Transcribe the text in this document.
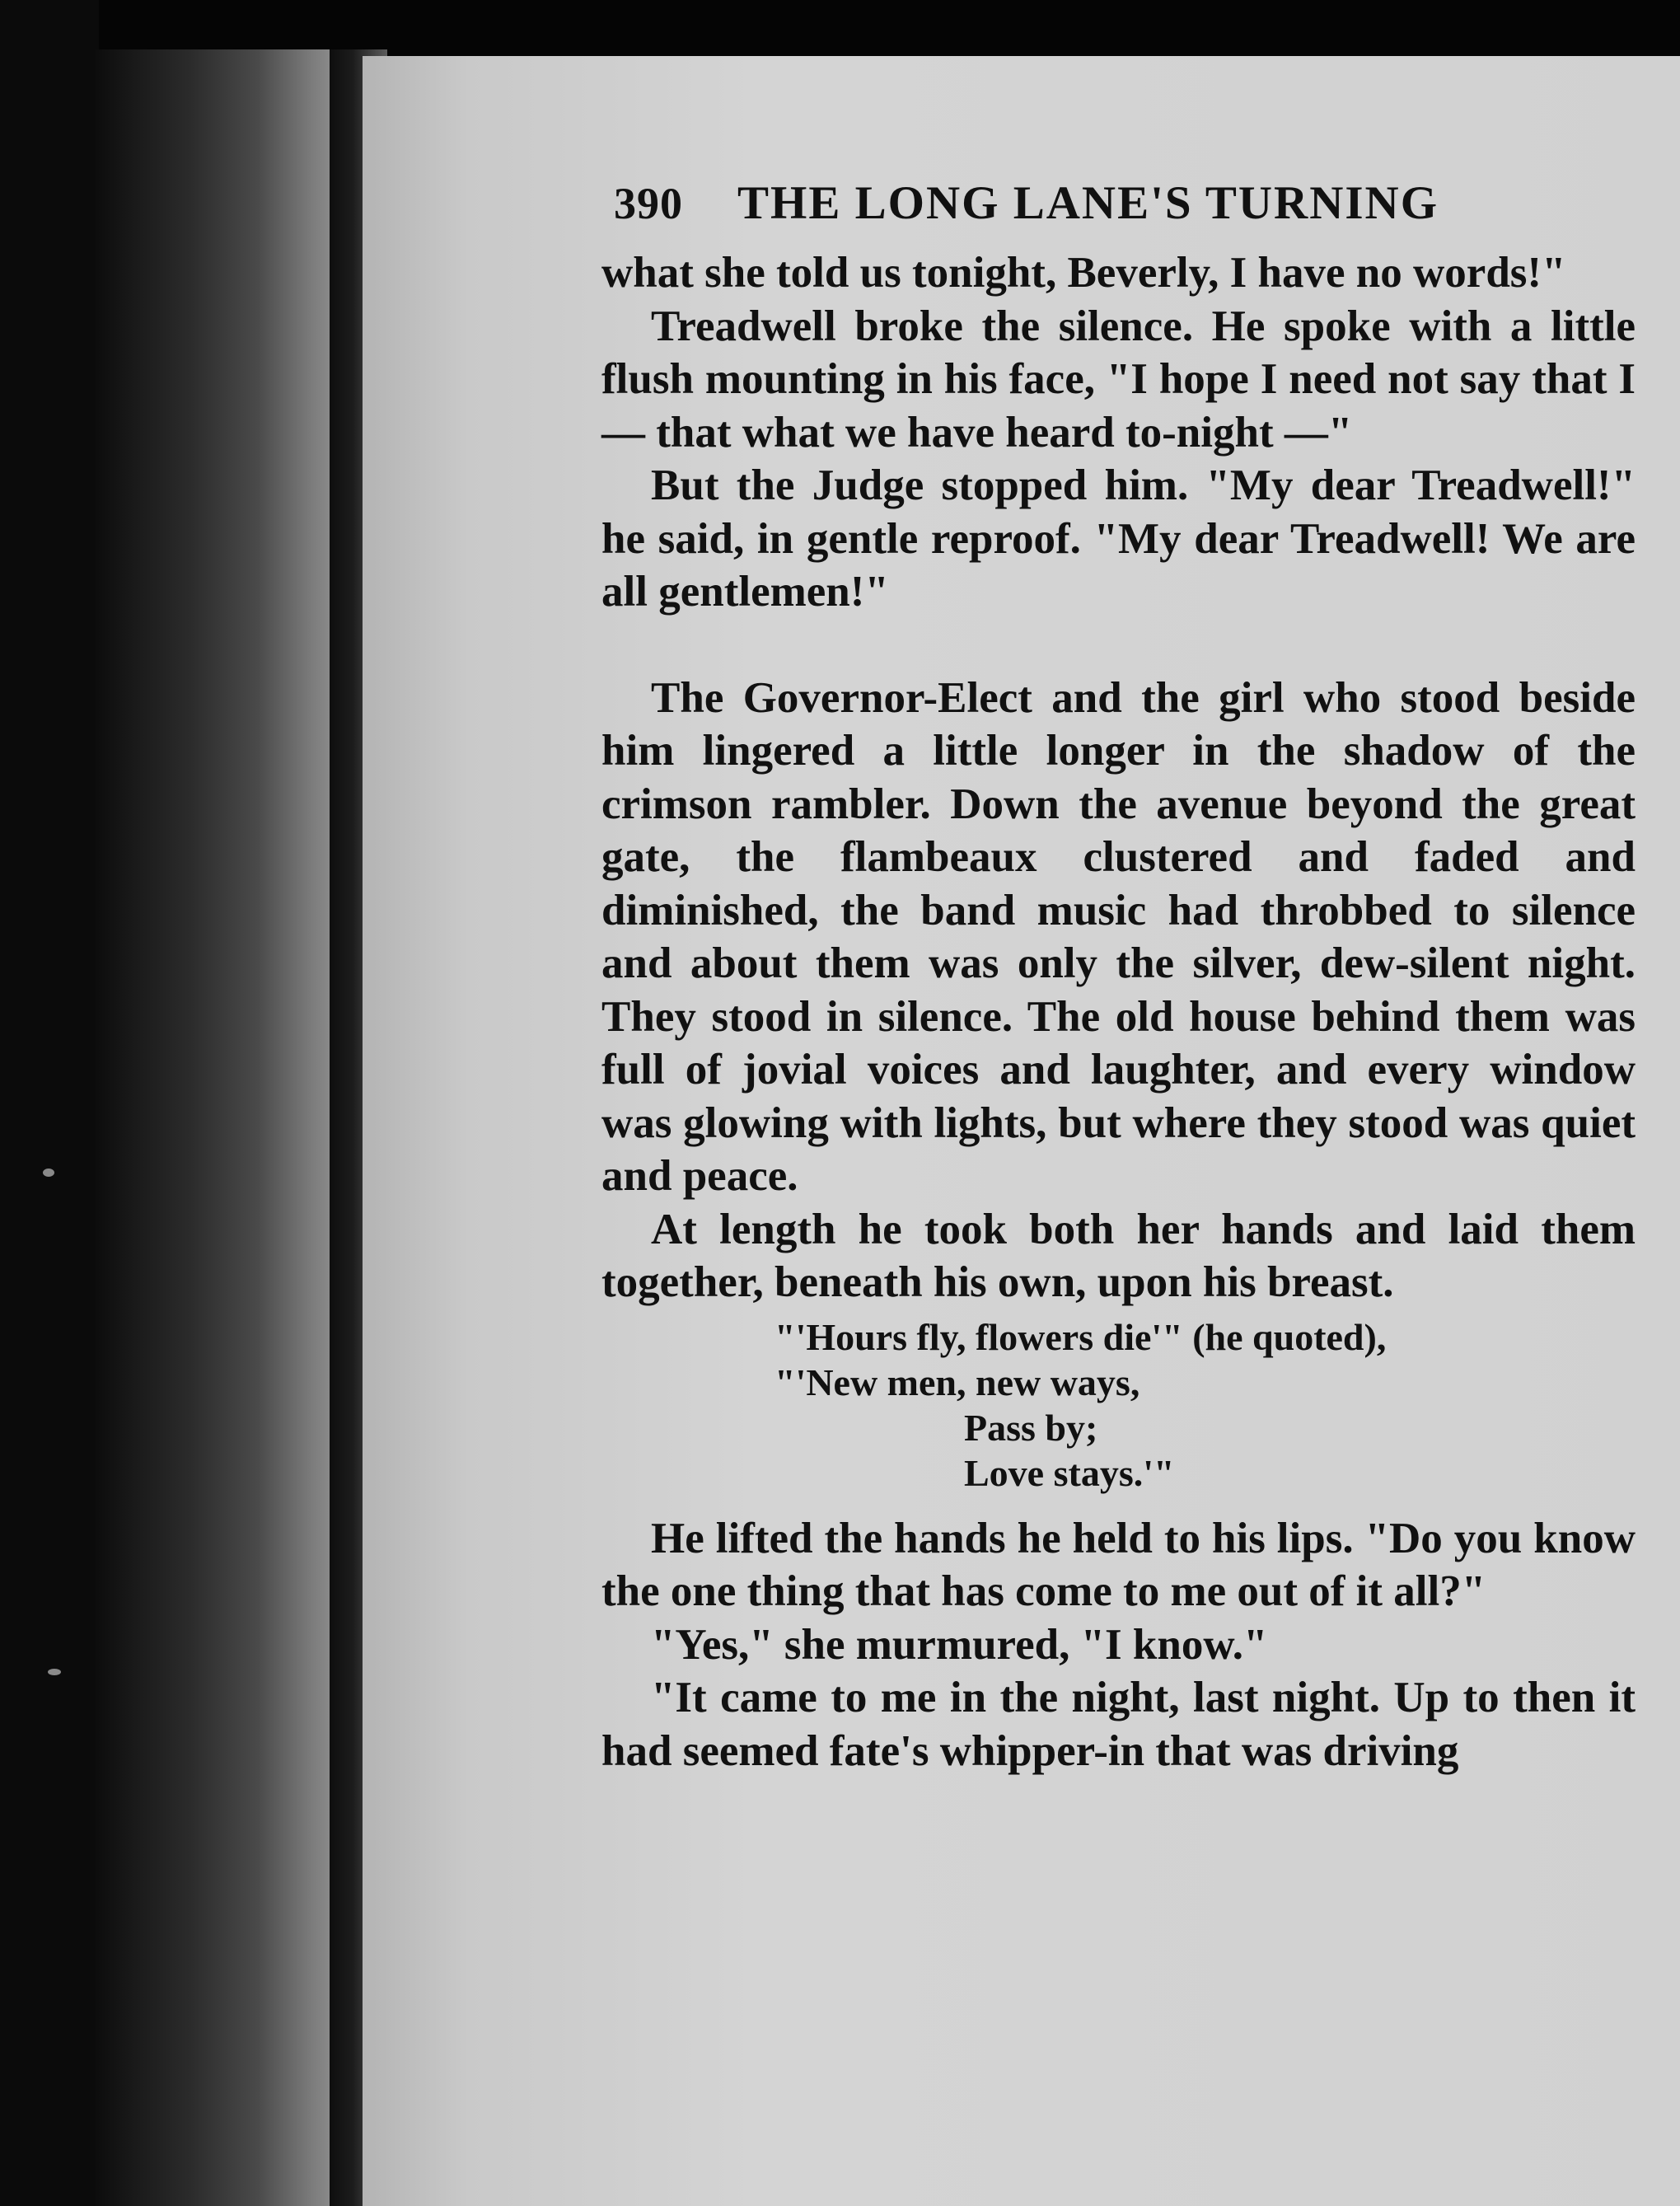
390 THE LONG LANE'S TURNING

what she told us tonight, Beverly, I have no words!"

Treadwell broke the silence. He spoke with a little flush mounting in his face, "I hope I need not say that I — that what we have heard to-night —"

But the Judge stopped him. "My dear Treadwell!" he said, in gentle reproof. "My dear Treadwell! We are all gentlemen!"

The Governor-Elect and the girl who stood beside him lingered a little longer in the shadow of the crimson rambler. Down the avenue beyond the great gate, the flambeaux clustered and faded and diminished, the band music had throbbed to silence and about them was only the silver, dew-silent night. They stood in silence. The old house behind them was full of jovial voices and laughter, and every window was glowing with lights, but where they stood was quiet and peace.

At length he took both her hands and laid them together, beneath his own, upon his breast.

"'Hours fly, flowers die'" (he quoted),
"'New men, new ways,
Pass by;
Love stays.'"

He lifted the hands he held to his lips. "Do you know the one thing that has come to me out of it all?"

"Yes," she murmured, "I know."

"It came to me in the night, last night. Up to then it had seemed fate's whipper-in that was driving
